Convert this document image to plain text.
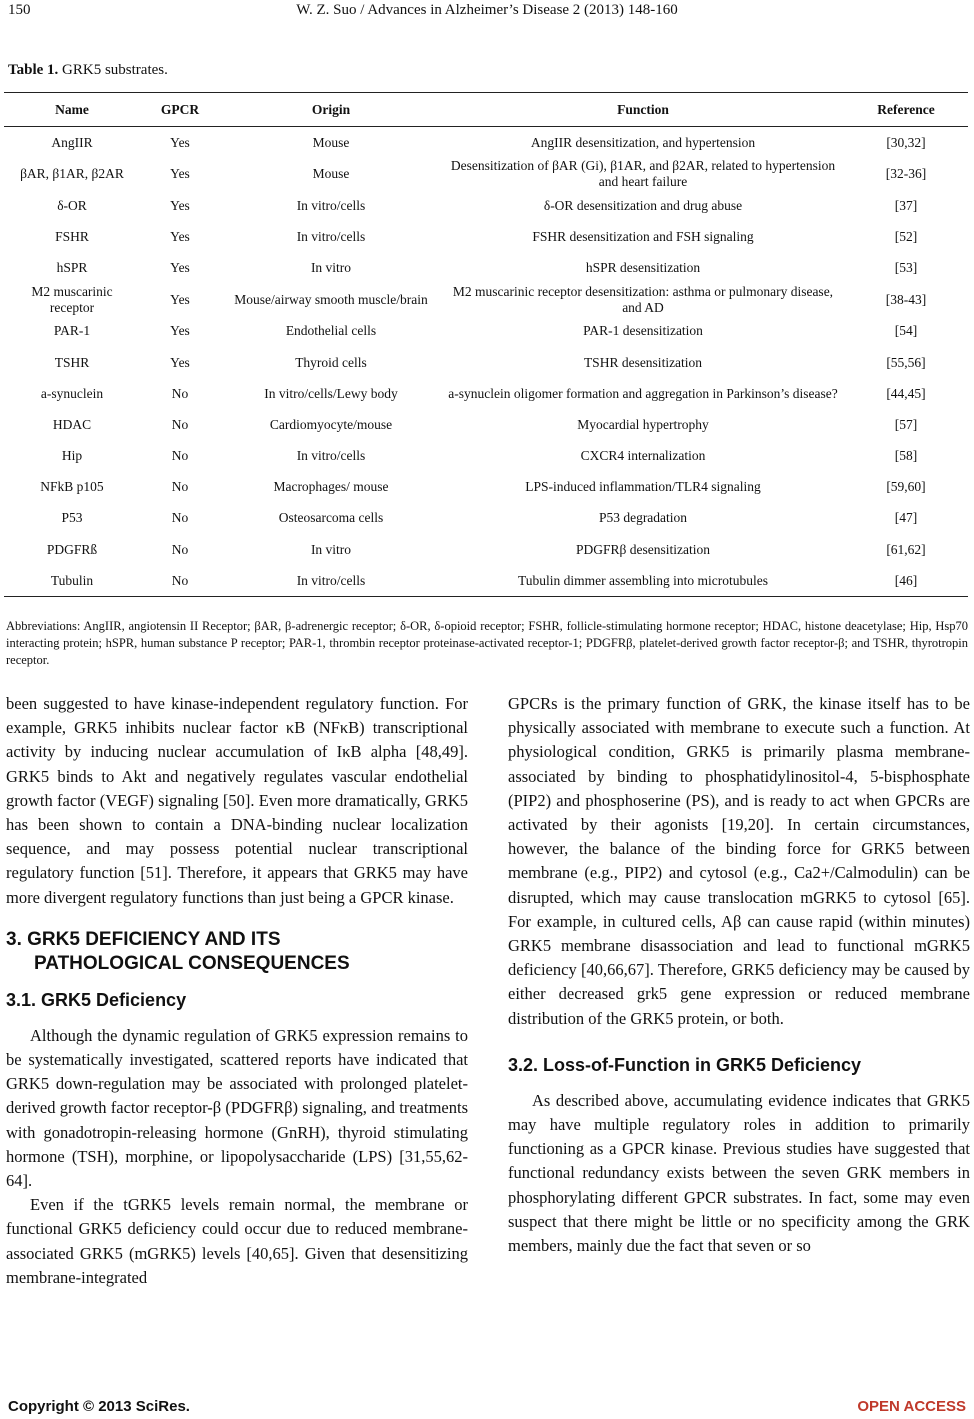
150	W. Z. Suo / Advances in Alzheimer’s Disease 2 (2013) 148-160
Table 1. GRK5 substrates.
Name	GPCR	Origin	Function	Reference
AngIIR	Yes	Mouse	AngIIR desensitization, and hypertension	[30,32]
βAR, β1AR, β2AR	Yes	Mouse	Desensitization of βAR (Gi), β1AR, and β2AR, related to hypertension and heart failure	[32-36]
δ-OR	Yes	In vitro/cells	δ-OR desensitization and drug abuse	[37]
FSHR	Yes	In vitro/cells	FSHR desensitization and FSH signaling	[52]
hSPR	Yes	In vitro	hSPR desensitization	[53]
M2 muscarinic receptor	Yes	Mouse/airway smooth muscle/brain	M2 muscarinic receptor desensitization: asthma or pulmonary disease, and AD	[38-43]
PAR-1	Yes	Endothelial cells	PAR-1 desensitization	[54]
TSHR	Yes	Thyroid cells	TSHR desensitization	[55,56]
a-synuclein	No	In vitro/cells/Lewy body	a-synuclein oligomer formation and aggregation in Parkinson’s disease?	[44,45]
HDAC	No	Cardiomyocyte/mouse	Myocardial hypertrophy	[57]
Hip	No	In vitro/cells	CXCR4 internalization	[58]
NFkB p105	No	Macrophages/ mouse	LPS-induced inflammation/TLR4 signaling	[59,60]
P53	No	Osteosarcoma cells	P53 degradation	[47]
PDGFRß	No	In vitro	PDGFRβ desensitization	[61,62]
Tubulin	No	In vitro/cells	Tubulin dimmer assembling into microtubules	[46]
Abbreviations: AngIIR, angiotensin II Receptor; βAR, β-adrenergic receptor; δ-OR, δ-opioid receptor; FSHR, follicle-stimulating hormone receptor; HDAC, histone deacetylase; Hip, Hsp70 interacting protein; hSPR, human substance P receptor; PAR-1, thrombin receptor proteinase-activated receptor-1; PDGFRβ, platelet-derived growth factor receptor-β; and TSHR, thyrotropin receptor.

been suggested to have kinase-independent regulatory function. For example, GRK5 inhibits nuclear factor κB (NFκB) transcriptional activity by inducing nuclear accumulation of IκB alpha [48,49]. GRK5 binds to Akt and negatively regulates vascular endothelial growth factor (VEGF) signaling [50]. Even more dramatically, GRK5 has been shown to contain a DNA-binding nuclear localization sequence, and may possess potential nuclear transcriptional regulatory function [51]. Therefore, it appears that GRK5 may have more divergent regulatory functions than just being a GPCR kinase.

3. GRK5 DEFICIENCY AND ITS
PATHOLOGICAL CONSEQUENCES
3.1. GRK5 Deficiency

Although the dynamic regulation of GRK5 expression remains to be systematically investigated, scattered reports have indicated that GRK5 down-regulation may be associated with prolonged platelet-derived growth factor receptor-β (PDGFRβ) signaling, and treatments with gonadotropin-releasing hormone (GnRH), thyroid stimulating hormone (TSH), morphine, or lipopolysaccharide (LPS) [31,55,62-64].

Even if the tGRK5 levels remain normal, the membrane or functional GRK5 deficiency could occur due to reduced membrane-associated GRK5 (mGRK5) levels [40,65]. Given that desensitizing membrane-integrated

GPCRs is the primary function of GRK, the kinase itself has to be physically associated with membrane to execute such a function. At physiological condition, GRK5 is primarily plasma membrane-associated by binding to phosphatidylinositol-4, 5-bisphosphate (PIP2) and phosphoserine (PS), and is ready to act when GPCRs are activated by their agonists [19,20]. In certain circumstances, however, the balance of the binding force for GRK5 between membrane (e.g., PIP2) and cytosol (e.g., Ca2+/Calmodulin) can be disrupted, which may cause translocation mGRK5 to cytosol [65]. For example, in cultured cells, Aβ can cause rapid (within minutes) GRK5 membrane disassociation and lead to functional mGRK5 deficiency [40,66,67]. Therefore, GRK5 deficiency may be caused by either decreased grk5 gene expression or reduced membrane distribution of the GRK5 protein, or both.

3.2. Loss-of-Function in GRK5 Deficiency

As described above, accumulating evidence indicates that GRK5 may have multiple regulatory roles in addition to primarily functioning as a GPCR kinase. Previous studies have suggested that functional redundancy exists between the seven GRK members in phosphorylating different GPCR substrates. In fact, some may even suspect that there might be little or no specificity among the GRK members, mainly due the fact that seven or so

Copyright © 2013 SciRes.	OPEN ACCESS
